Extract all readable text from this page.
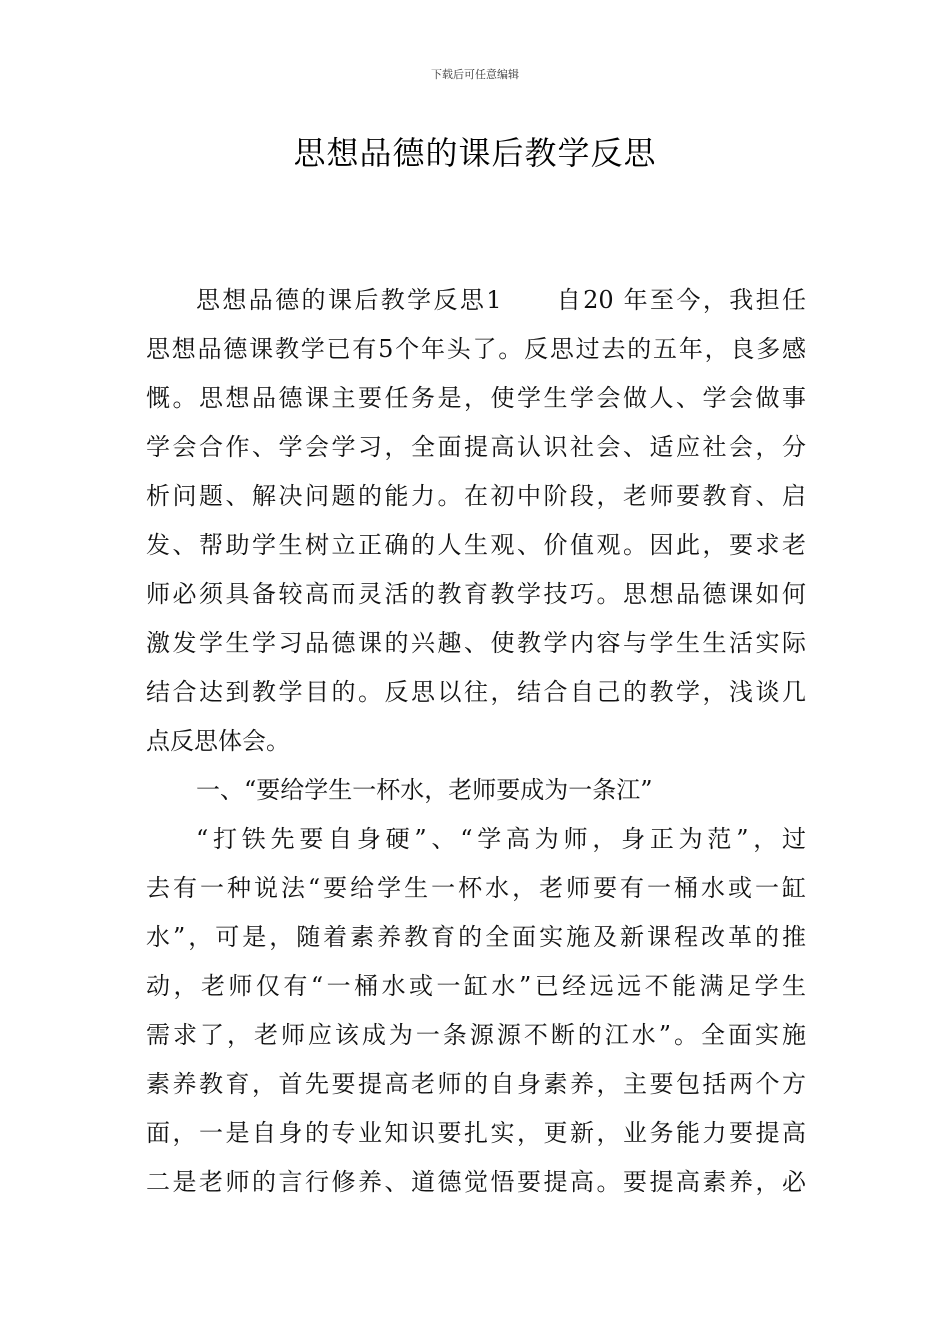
下载后可任意编辑
思想品德的课后教学反思
思想品德的课后教学反思1　　自20 年至今，我担任
思想品德课教学已有5个年头了。反思过去的五年，良多感
慨。思想品德课主要任务是，使学生学会做人、学会做事
学会合作、学会学习，全面提高认识社会、适应社会，分
析问题、解决问题的能力。在初中阶段，老师要教育、启
发、帮助学生树立正确的人生观、价值观。因此，要求老
师必须具备较高而灵活的教育教学技巧。思想品德课如何
激发学生学习品德课的兴趣、使教学内容与学生生活实际
结合达到教学目的。反思以往，结合自己的教学，浅谈几
点反思体会。
一、“要给学生一杯水，老师要成为一条江”
“打铁先要自身硬”、“学高为师，身正为范”，过
去有一种说法“要给学生一杯水，老师要有一桶水或一缸
水”，可是，随着素养教育的全面实施及新课程改革的推
动，老师仅有“一桶水或一缸水”已经远远不能满足学生
需求了，老师应该成为一条源源不断的江水”。全面实施
素养教育，首先要提高老师的自身素养，主要包括两个方
面，一是自身的专业知识要扎实，更新，业务能力要提高
二是老师的言行修养、道德觉悟要提高。要提高素养，必
